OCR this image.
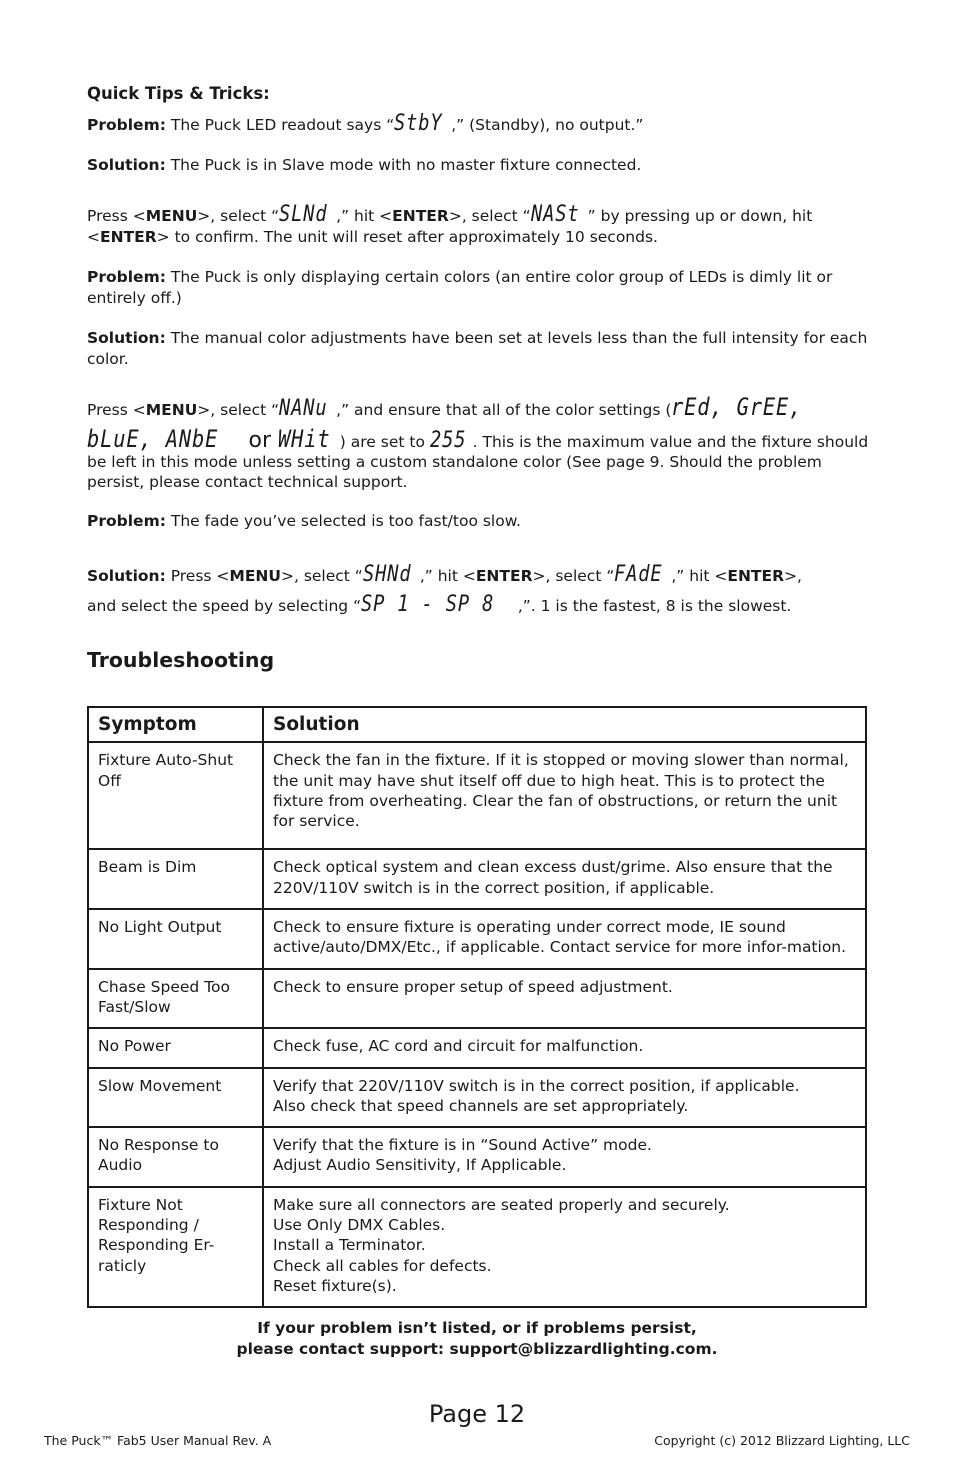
Quick Tips & Tricks:
Problem: The Puck LED readout says “StbY ,” (Standby), no output.”
Solution: The Puck is in Slave mode with no master fixture connected.
Press <MENU>, select “SLNd ,” hit <ENTER>, select “NASt ” by pressing up or down, hit
<ENTER> to confirm. The unit will reset after approximately 10 seconds.
Problem: The Puck is only displaying certain colors (an entire color group of LEDs is dimly lit or entirely off.)
Solution: The manual color adjustments have been set at levels less than the full intensity for each color.
Press <MENU>, select “NANu ,” and ensure that all of the color settings (rEd, GrEE,
bLuE, ANbE or WHit ) are set to 255 . This is the maximum value and the fixture should be left in this mode unless setting a custom standalone color (See page 9. Should the problem persist, please contact technical support.
Problem: The fade you’ve selected is too fast/too slow.
Solution: Press <MENU>, select “SHNd ,” hit <ENTER>, select “FAdE ,” hit <ENTER>,
and select the speed by selecting “SP 1 - SP 8 ,”. 1 is the fastest, 8 is the slowest.
Troubleshooting
Symptom	Solution
Fixture Auto-Shut Off	Check the fan in the fixture. If it is stopped or moving slower than normal, the unit may have shut itself off due to high heat. This is to protect the fixture from overheating. Clear the fan of obstructions, or return the unit for service.
Beam is Dim	Check optical system and clean excess dust/grime. Also ensure that the 220V/110V switch is in the correct position, if applicable.
No Light Output	Check to ensure fixture is operating under correct mode, IE sound active/auto/DMX/Etc., if applicable. Contact service for more infor-mation.
Chase Speed Too Fast/Slow	Check to ensure proper setup of speed adjustment.
No Power	Check fuse, AC cord and circuit for malfunction.
Slow Movement	Verify that 220V/110V switch is in the correct position, if applicable.
Also check that speed channels are set appropriately.
No Response to Audio	Verify that the fixture is in “Sound Active” mode.
Adjust Audio Sensitivity, If Applicable.
Fixture Not Responding / Responding Er-raticly	Make sure all connectors are seated properly and securely.
Use Only DMX Cables.
Install a Terminator.
Check all cables for defects.
Reset fixture(s).
If your problem isn’t listed, or if problems persist,
please contact support: support@blizzardlighting.com.
Page 12
The Puck™ Fab5 User Manual Rev. A	Copyright (c) 2012 Blizzard Lighting, LLC
